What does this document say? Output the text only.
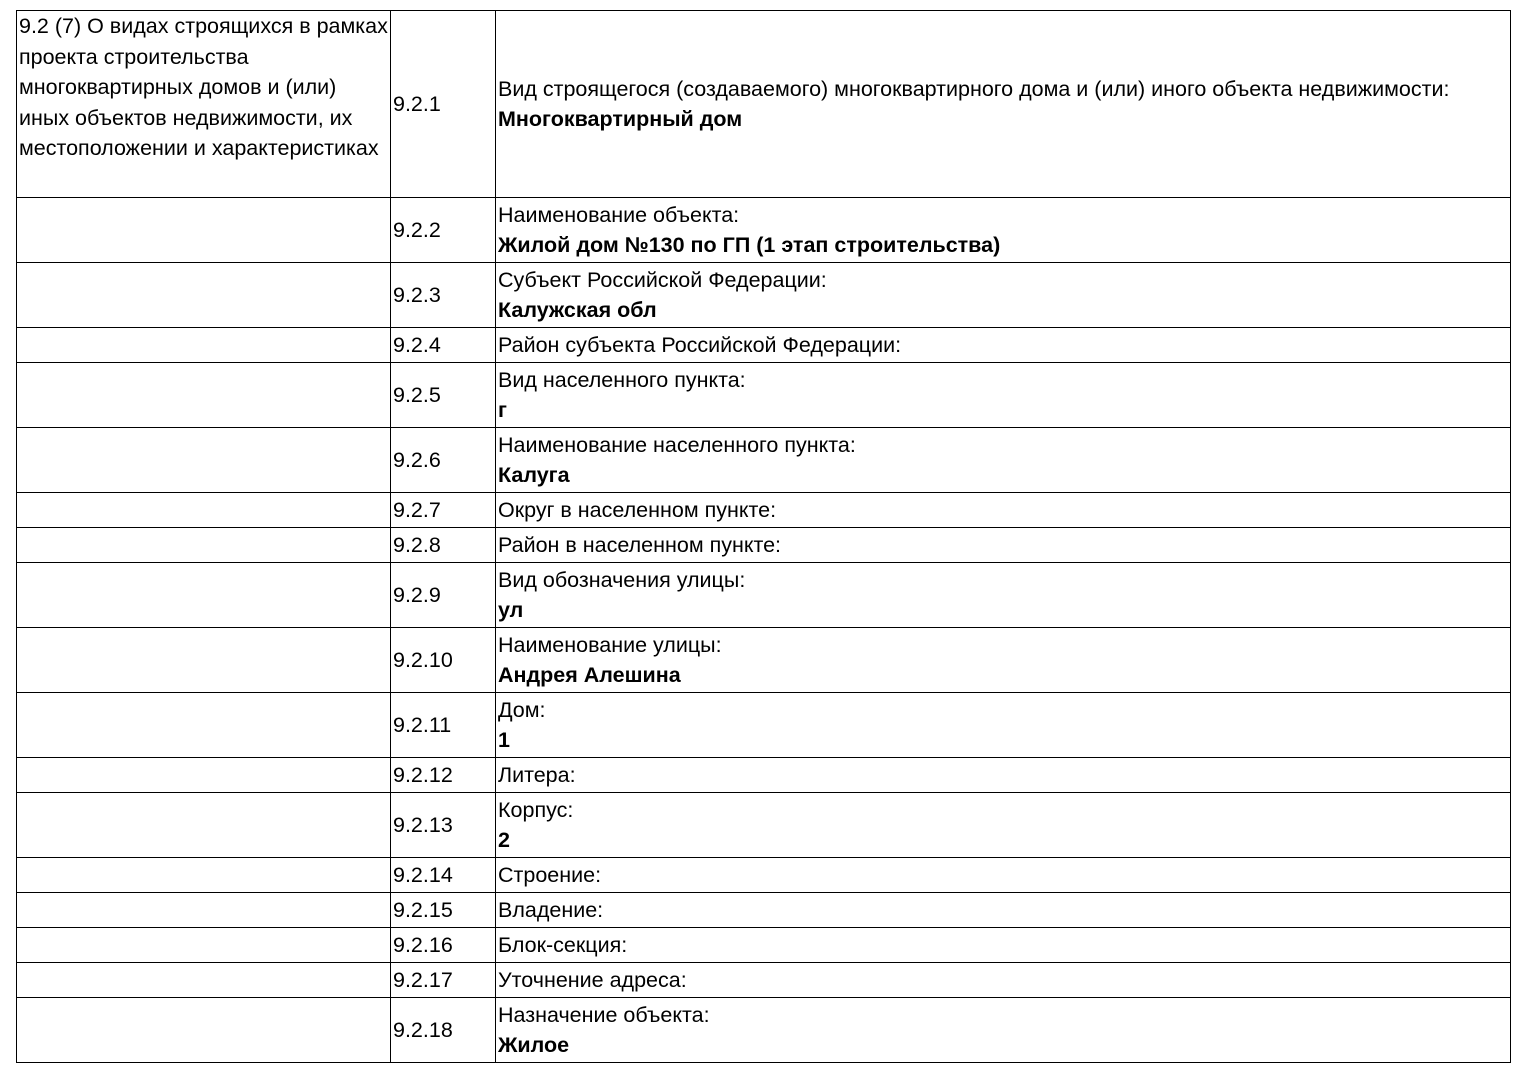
9.2 (7) О видах строящихся в рамках проекта строительства многоквартирных домов и (или) иных объектов недвижимости, их местоположении и характеристиках	9.2.1	Вид строящегося (создаваемого) многоквартирного дома и (или) иного объекта недвижимости:
Многоквартирный дом

	9.2.2	Наименование объекта:
Жилой дом №130 по ГП (1 этап строительства)

	9.2.3	Субъект Российской Федерации:
Калужская обл

	9.2.4	Район субъекта Российской Федерации:

	9.2.5	Вид населенного пункта:
г

	9.2.6	Наименование населенного пункта:
Калуга

	9.2.7	Округ в населенном пункте:

	9.2.8	Район в населенном пункте:

	9.2.9	Вид обозначения улицы:
ул

	9.2.10	Наименование улицы:
Андрея Алешина

	9.2.11	Дом:
1

	9.2.12	Литера:

	9.2.13	Корпус:
2

	9.2.14	Строение:

	9.2.15	Владение:

	9.2.16	Блок-секция:

	9.2.17	Уточнение адреса:

	9.2.18	Назначение объекта:
Жилое
